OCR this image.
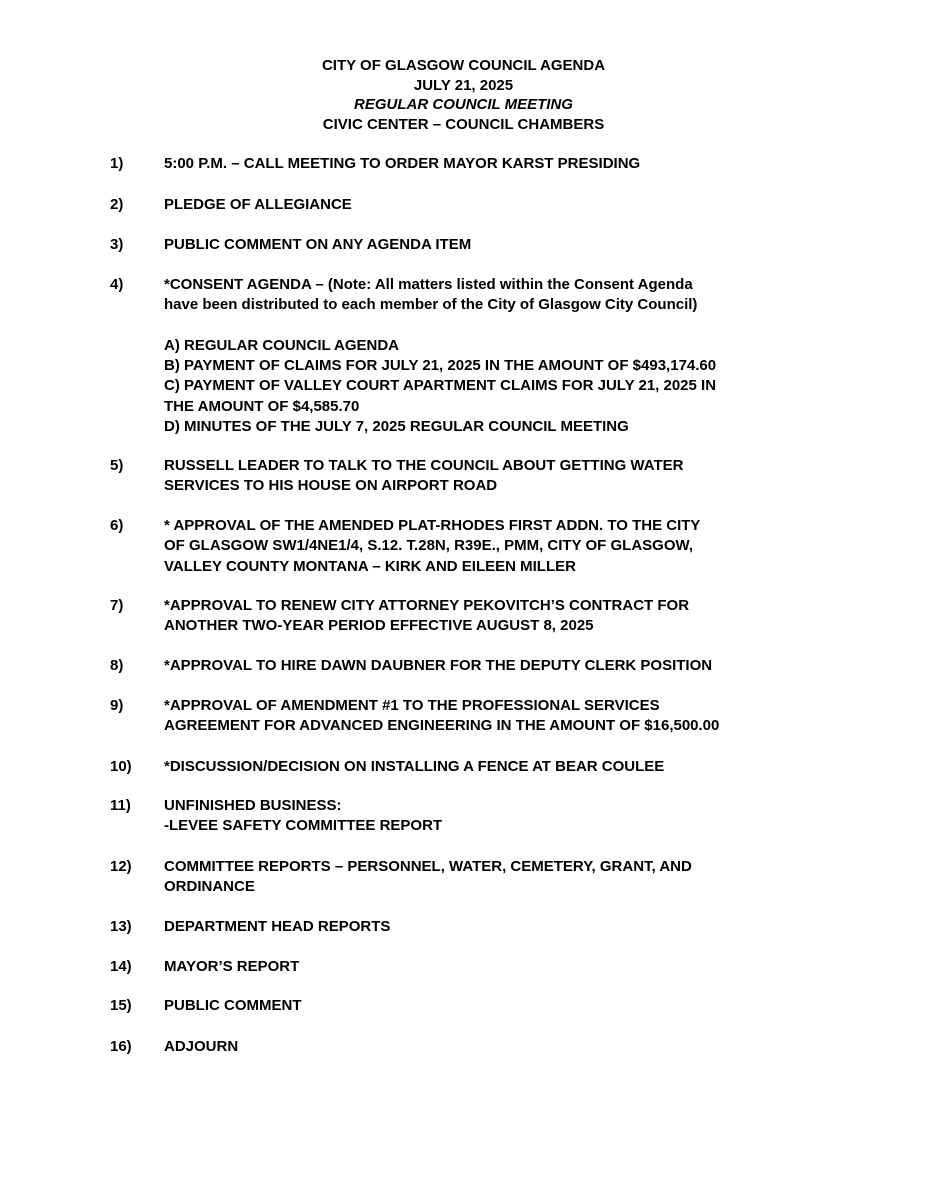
CITY OF GLASGOW COUNCIL AGENDA
JULY 21, 2025
REGULAR COUNCIL MEETING
CIVIC CENTER – COUNCIL CHAMBERS
1)	5:00 P.M. – CALL MEETING TO ORDER MAYOR KARST PRESIDING
2)	PLEDGE OF ALLEGIANCE
3)	PUBLIC COMMENT ON ANY AGENDA ITEM
4)	*CONSENT AGENDA – (Note: All matters listed within the Consent Agenda
have been distributed to each member of the City of Glasgow City Council)
A) REGULAR COUNCIL AGENDA
B) PAYMENT OF CLAIMS FOR JULY 21, 2025 IN THE AMOUNT OF $493,174.60
C) PAYMENT OF VALLEY COURT APARTMENT CLAIMS FOR JULY 21, 2025 IN
THE AMOUNT OF $4,585.70
D) MINUTES OF THE JULY 7, 2025 REGULAR COUNCIL MEETING
5)	RUSSELL LEADER TO TALK TO THE COUNCIL ABOUT GETTING WATER
SERVICES TO HIS HOUSE ON AIRPORT ROAD
6)	* APPROVAL OF THE AMENDED PLAT-RHODES FIRST ADDN. TO THE CITY
OF GLASGOW SW1/4NE1/4, S.12. T.28N, R39E., PMM, CITY OF GLASGOW,
VALLEY COUNTY MONTANA – KIRK AND EILEEN MILLER
7)	*APPROVAL TO RENEW CITY ATTORNEY PEKOVITCH’S CONTRACT FOR
ANOTHER TWO-YEAR PERIOD EFFECTIVE AUGUST 8, 2025
8)	*APPROVAL TO HIRE DAWN DAUBNER FOR THE DEPUTY CLERK POSITION
9)	*APPROVAL OF AMENDMENT #1 TO THE PROFESSIONAL SERVICES
AGREEMENT FOR ADVANCED ENGINEERING IN THE AMOUNT OF $16,500.00
10) *DISCUSSION/DECISION ON INSTALLING A FENCE AT BEAR COULEE
11) UNFINISHED BUSINESS:
-LEVEE SAFETY COMMITTEE REPORT
12) COMMITTEE REPORTS – PERSONNEL, WATER, CEMETERY, GRANT, AND
ORDINANCE
13) DEPARTMENT HEAD REPORTS
14) MAYOR’S REPORT
15) PUBLIC COMMENT
16) ADJOURN
